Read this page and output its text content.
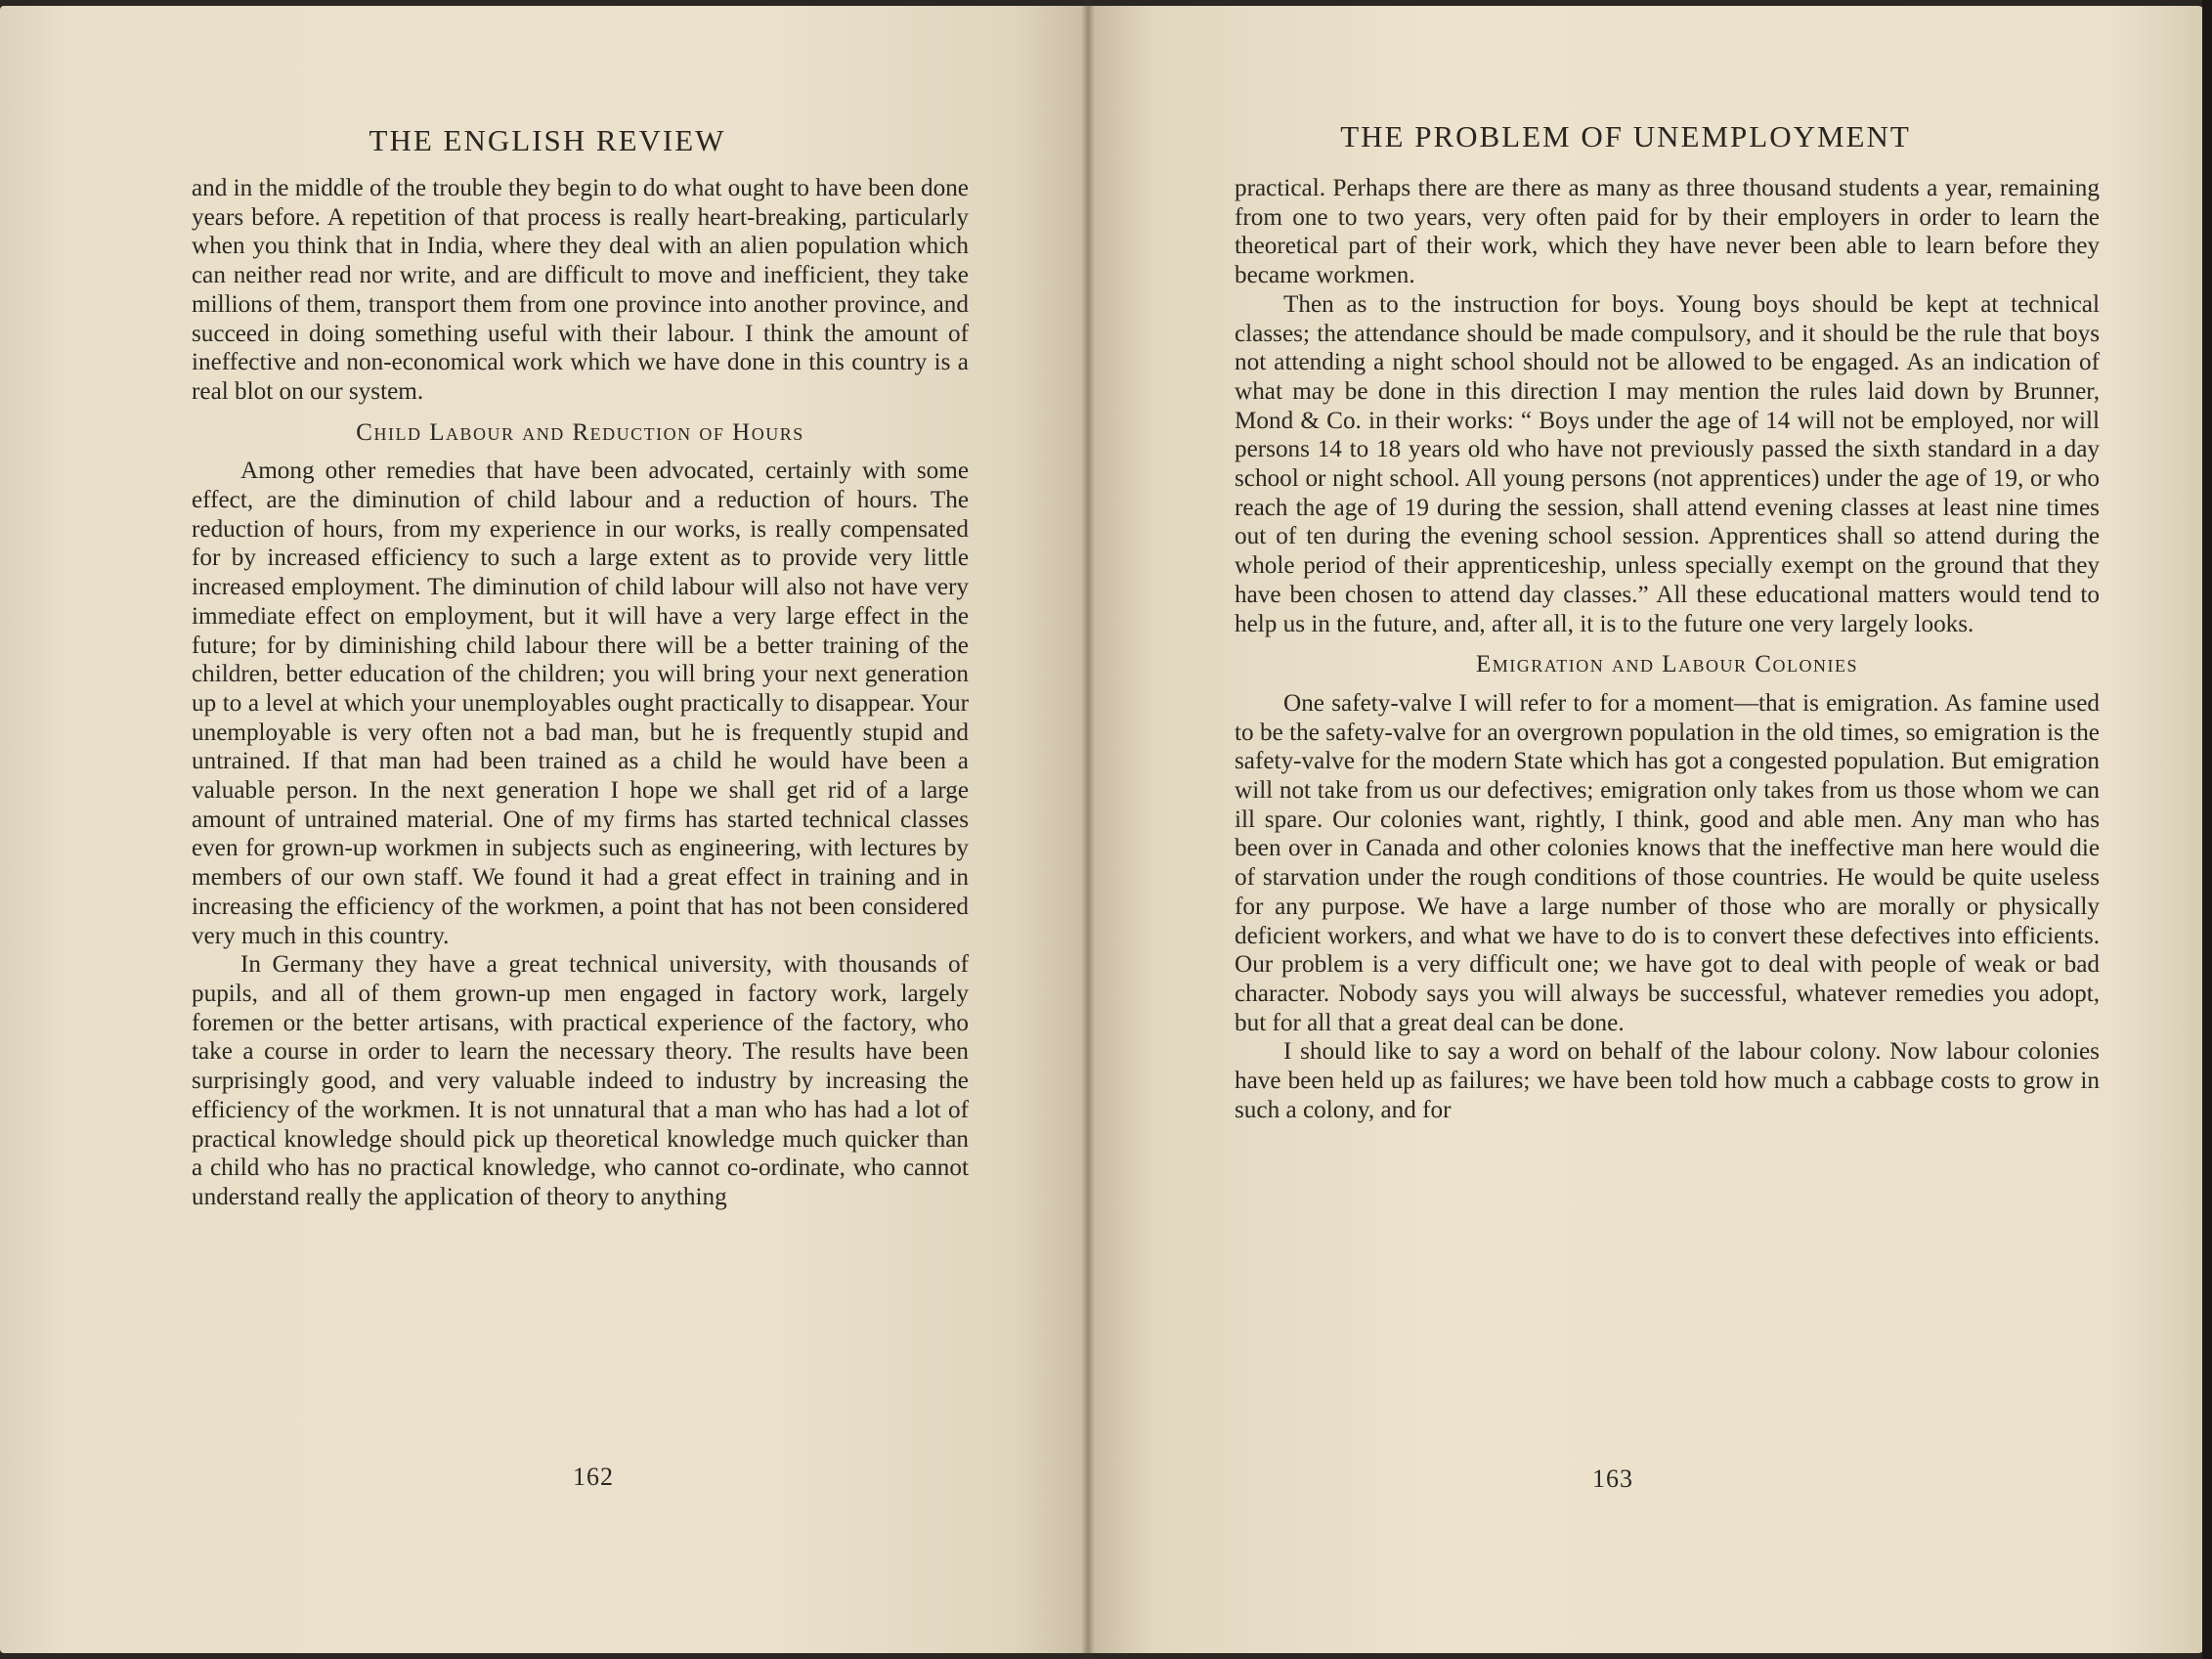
THE ENGLISH REVIEW

and in the middle of the trouble they begin to do what ought to have been done years before. A repetition of that process is really heart-breaking, particularly when you think that in India, where they deal with an alien population which can neither read nor write, and are difficult to move and inefficient, they take millions of them, transport them from one province into another province, and succeed in doing something useful with their labour. I think the amount of ineffective and non-economical work which we have done in this country is a real blot on our system.

Child Labour and Reduction of Hours

Among other remedies that have been advocated, certainly with some effect, are the diminution of child labour and a reduction of hours. The reduction of hours, from my experience in our works, is really compensated for by increased efficiency to such a large extent as to provide very little increased employment. The diminution of child labour will also not have very immediate effect on employment, but it will have a very large effect in the future; for by diminishing child labour there will be a better training of the children, better education of the children; you will bring your next generation up to a level at which your unemployables ought practically to disappear. Your unemployable is very often not a bad man, but he is frequently stupid and untrained. If that man had been trained as a child he would have been a valuable person. In the next generation I hope we shall get rid of a large amount of untrained material. One of my firms has started technical classes even for grown-up workmen in subjects such as engineering, with lectures by members of our own staff. We found it had a great effect in training and in increasing the efficiency of the workmen, a point that has not been considered very much in this country.

In Germany they have a great technical university, with thousands of pupils, and all of them grown-up men engaged in factory work, largely foremen or the better artisans, with practical experience of the factory, who take a course in order to learn the necessary theory. The results have been surprisingly good, and very valuable indeed to industry by increasing the efficiency of the workmen. It is not unnatural that a man who has had a lot of practical knowledge should pick up theoretical knowledge much quicker than a child who has no practical knowledge, who cannot co-ordinate, who cannot understand really the application of theory to anything

162
THE PROBLEM OF UNEMPLOYMENT

practical. Perhaps there are there as many as three thousand students a year, remaining from one to two years, very often paid for by their employers in order to learn the theoretical part of their work, which they have never been able to learn before they became workmen.

Then as to the instruction for boys. Young boys should be kept at technical classes; the attendance should be made compulsory, and it should be the rule that boys not attending a night school should not be allowed to be engaged. As an indication of what may be done in this direction I may mention the rules laid down by Brunner, Mond & Co. in their works: “ Boys under the age of 14 will not be employed, nor will persons 14 to 18 years old who have not previously passed the sixth standard in a day school or night school. All young persons (not apprentices) under the age of 19, or who reach the age of 19 during the session, shall attend evening classes at least nine times out of ten during the evening school session. Apprentices shall so attend during the whole period of their apprenticeship, unless specially exempt on the ground that they have been chosen to attend day classes.” All these educational matters would tend to help us in the future, and, after all, it is to the future one very largely looks.

Emigration and Labour Colonies

One safety-valve I will refer to for a moment—that is emigration. As famine used to be the safety-valve for an overgrown population in the old times, so emigration is the safety-valve for the modern State which has got a congested population. But emigration will not take from us our defectives; emigration only takes from us those whom we can ill spare. Our colonies want, rightly, I think, good and able men. Any man who has been over in Canada and other colonies knows that the ineffective man here would die of starvation under the rough conditions of those countries. He would be quite useless for any purpose. We have a large number of those who are morally or physically deficient workers, and what we have to do is to convert these defectives into efficients. Our problem is a very difficult one; we have got to deal with people of weak or bad character. Nobody says you will always be successful, whatever remedies you adopt, but for all that a great deal can be done.

I should like to say a word on behalf of the labour colony. Now labour colonies have been held up as failures; we have been told how much a cabbage costs to grow in such a colony, and for

163
